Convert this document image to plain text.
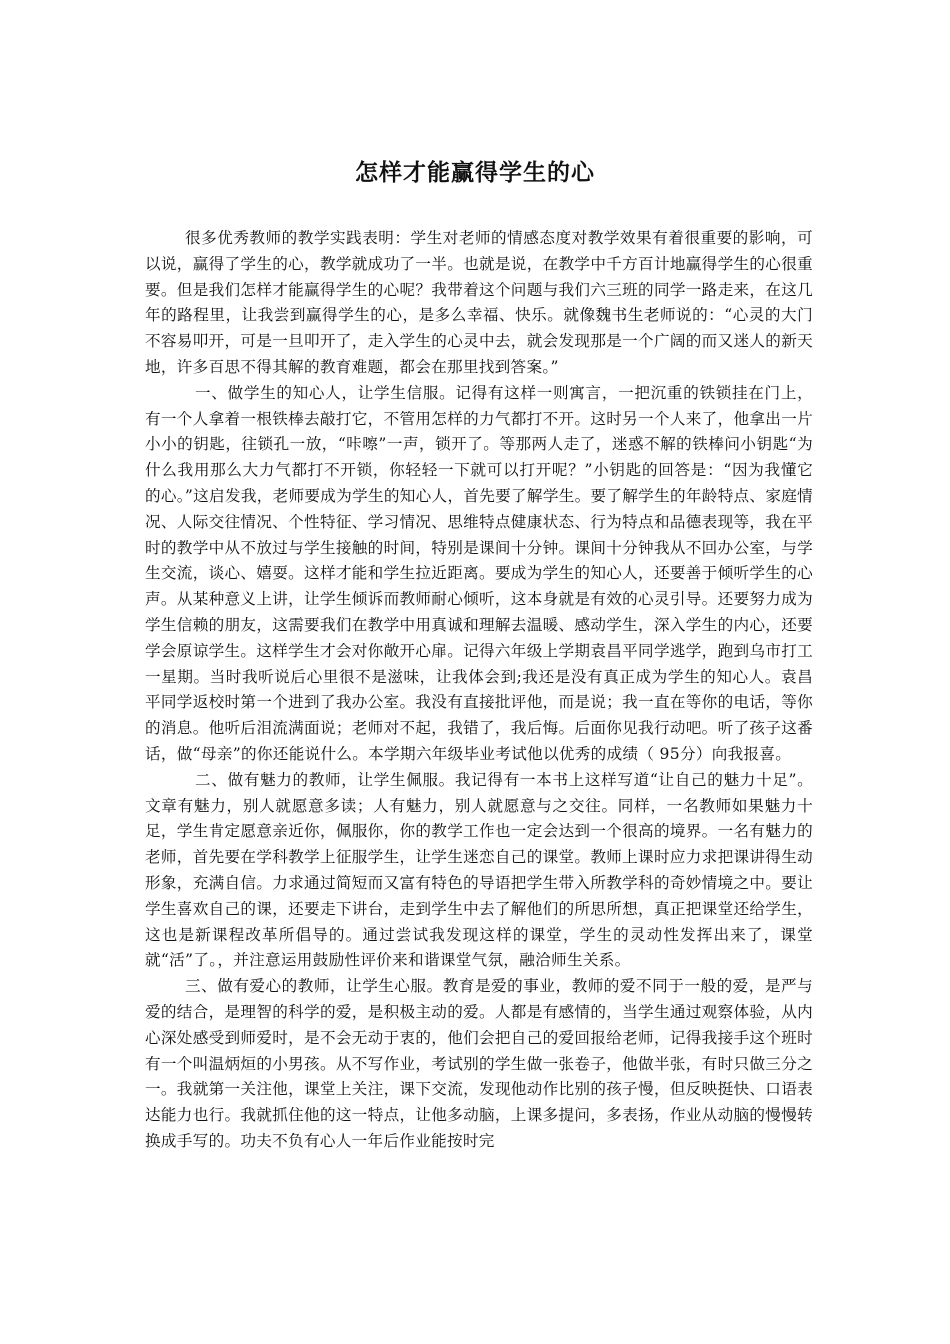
怎样才能赢得学生的心

很多优秀教师的教学实践表明：学生对老师的情感态度对教学效果有着很重要的影响，可以说，赢得了学生的心，教学就成功了一半。也就是说，在教学中千方百计地赢得学生的心很重要。但是我们怎样才能赢得学生的心呢？我带着这个问题与我们六三班的同学一路走来，在这几年的路程里，让我尝到赢得学生的心，是多么幸福、快乐。就像魏书生老师说的：“心灵的大门不容易叩开，可是一旦叩开了，走入学生的心灵中去，就会发现那是一个广阔的而又迷人的新天地，许多百思不得其解的教育难题，都会在那里找到答案。”

一、做学生的知心人，让学生信服。记得有这样一则寓言，一把沉重的铁锁挂在门上，有一个人拿着一根铁棒去敲打它，不管用怎样的力气都打不开。这时另一个人来了，他拿出一片小小的钥匙，往锁孔一放，“咔嚓”一声，锁开了。等那两人走了，迷惑不解的铁棒问小钥匙“为什么我用那么大力气都打不开锁，你轻轻一下就可以打开呢？”小钥匙的回答是：“因为我懂它的心。”这启发我，老师要成为学生的知心人，首先要了解学生。要了解学生的年龄特点、家庭情况、人际交往情况、个性特征、学习情况、思维特点健康状态、行为特点和品德表现等，我在平时的教学中从不放过与学生接触的时间，特别是课间十分钟。课间十分钟我从不回办公室，与学生交流，谈心、嬉耍。这样才能和学生拉近距离。要成为学生的知心人，还要善于倾听学生的心声。从某种意义上讲，让学生倾诉而教师耐心倾听，这本身就是有效的心灵引导。还要努力成为学生信赖的朋友，这需要我们在教学中用真诚和理解去温暖、感动学生，深入学生的内心，还要学会原谅学生。这样学生才会对你敞开心扉。记得六年级上学期袁昌平同学逃学，跑到乌市打工一星期。当时我听说后心里很不是滋味，让我体会到;我还是没有真正成为学生的知心人。袁昌平同学返校时第一个进到了我办公室。我没有直接批评他，而是说；我一直在等你的电话，等你的消息。他听后泪流满面说；老师对不起，我错了，我后悔。后面你见我行动吧。听了孩子这番话，做“母亲”的你还能说什么。本学期六年级毕业考试他以优秀的成绩（ 95分）向我报喜。

二、做有魅力的教师，让学生佩服。我记得有一本书上这样写道“让自己的魅力十足”。文章有魅力，别人就愿意多读；人有魅力，别人就愿意与之交往。同样，一名教师如果魅力十足，学生肯定愿意亲近你，佩服你，你的教学工作也一定会达到一个很高的境界。一名有魅力的老师，首先要在学科教学上征服学生，让学生迷恋自己的课堂。教师上课时应力求把课讲得生动形象，充满自信。力求通过简短而又富有特色的导语把学生带入所教学科的奇妙情境之中。要让学生喜欢自己的课，还要走下讲台，走到学生中去了解他们的所思所想，真正把课堂还给学生，这也是新课程改革所倡导的。通过尝试我发现这样的课堂，学生的灵动性发挥出来了，课堂就“活”了。，并注意运用鼓励性评价来和谐课堂气氛，融洽师生关系。

三、做有爱心的教师，让学生心服。教育是爱的事业，教师的爱不同于一般的爱，是严与爱的结合，是理智的科学的爱，是积极主动的爱。人都是有感情的，当学生通过观察体验，从内心深处感受到师爱时，是不会无动于衷的，他们会把自己的爱回报给老师，记得我接手这个班时有一个叫温炳烜的小男孩。从不写作业，考试别的学生做一张卷子，他做半张，有时只做三分之一。我就第一关注他，课堂上关注，课下交流，发现他动作比别的孩子慢，但反映挺快、口语表达能力也行。我就抓住他的这一特点，让他多动脑，上课多提问，多表扬，作业从动脑的慢慢转换成手写的。功夫不负有心人一年后作业能按时完
